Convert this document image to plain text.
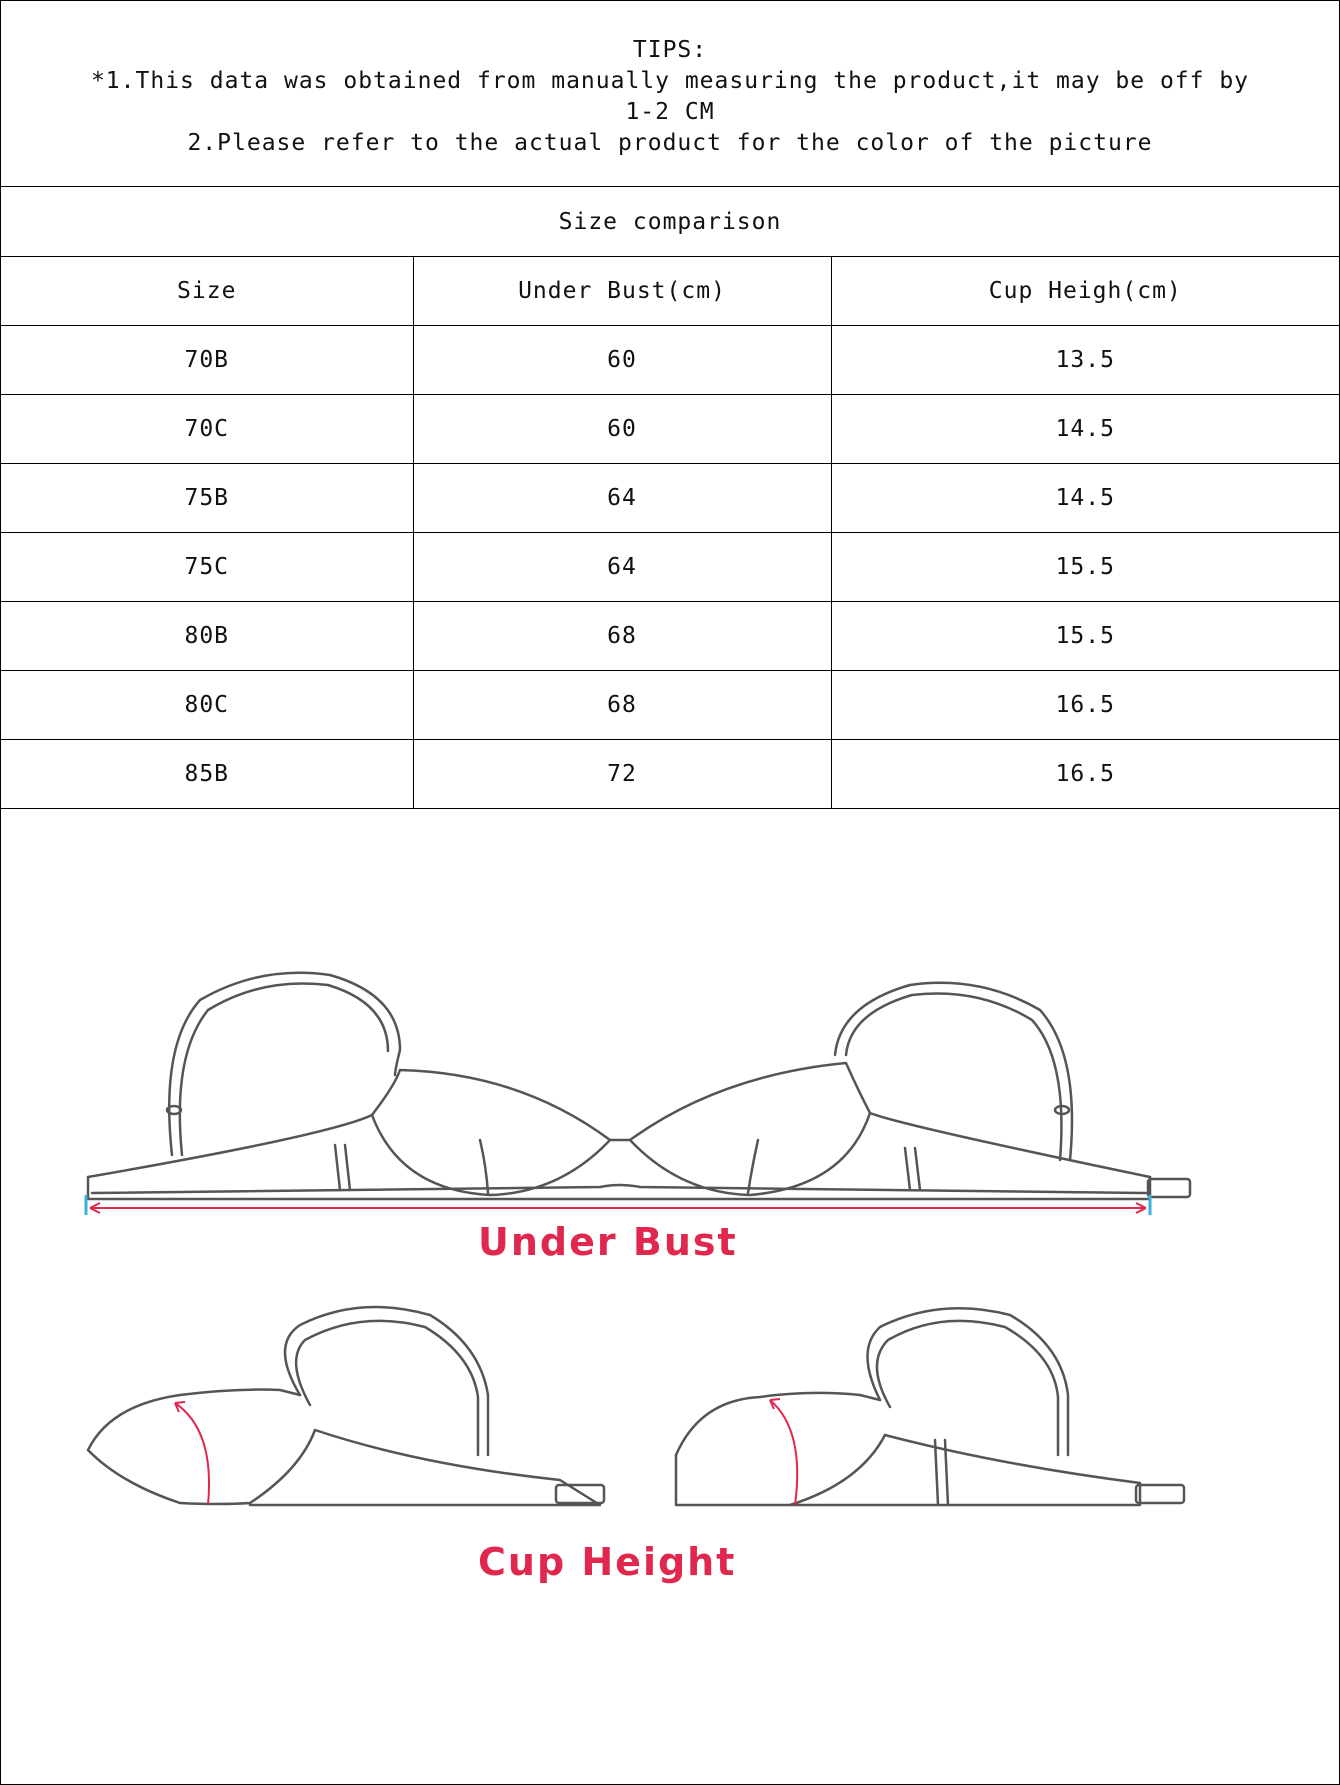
TIPS:
*1.This data was obtained from manually measuring the product,it may be off by
1-2 CM
2.Please refer to the actual product for the color of the picture
Size comparison		
Size	Under Bust(cm)	Cup Heigh(cm)
70B	60	13.5
70C	60	14.5
75B	64	14.5
75C	64	15.5
80B	68	15.5
80C	68	16.5
85B	72	16.5
Under Bust
Cup Height
